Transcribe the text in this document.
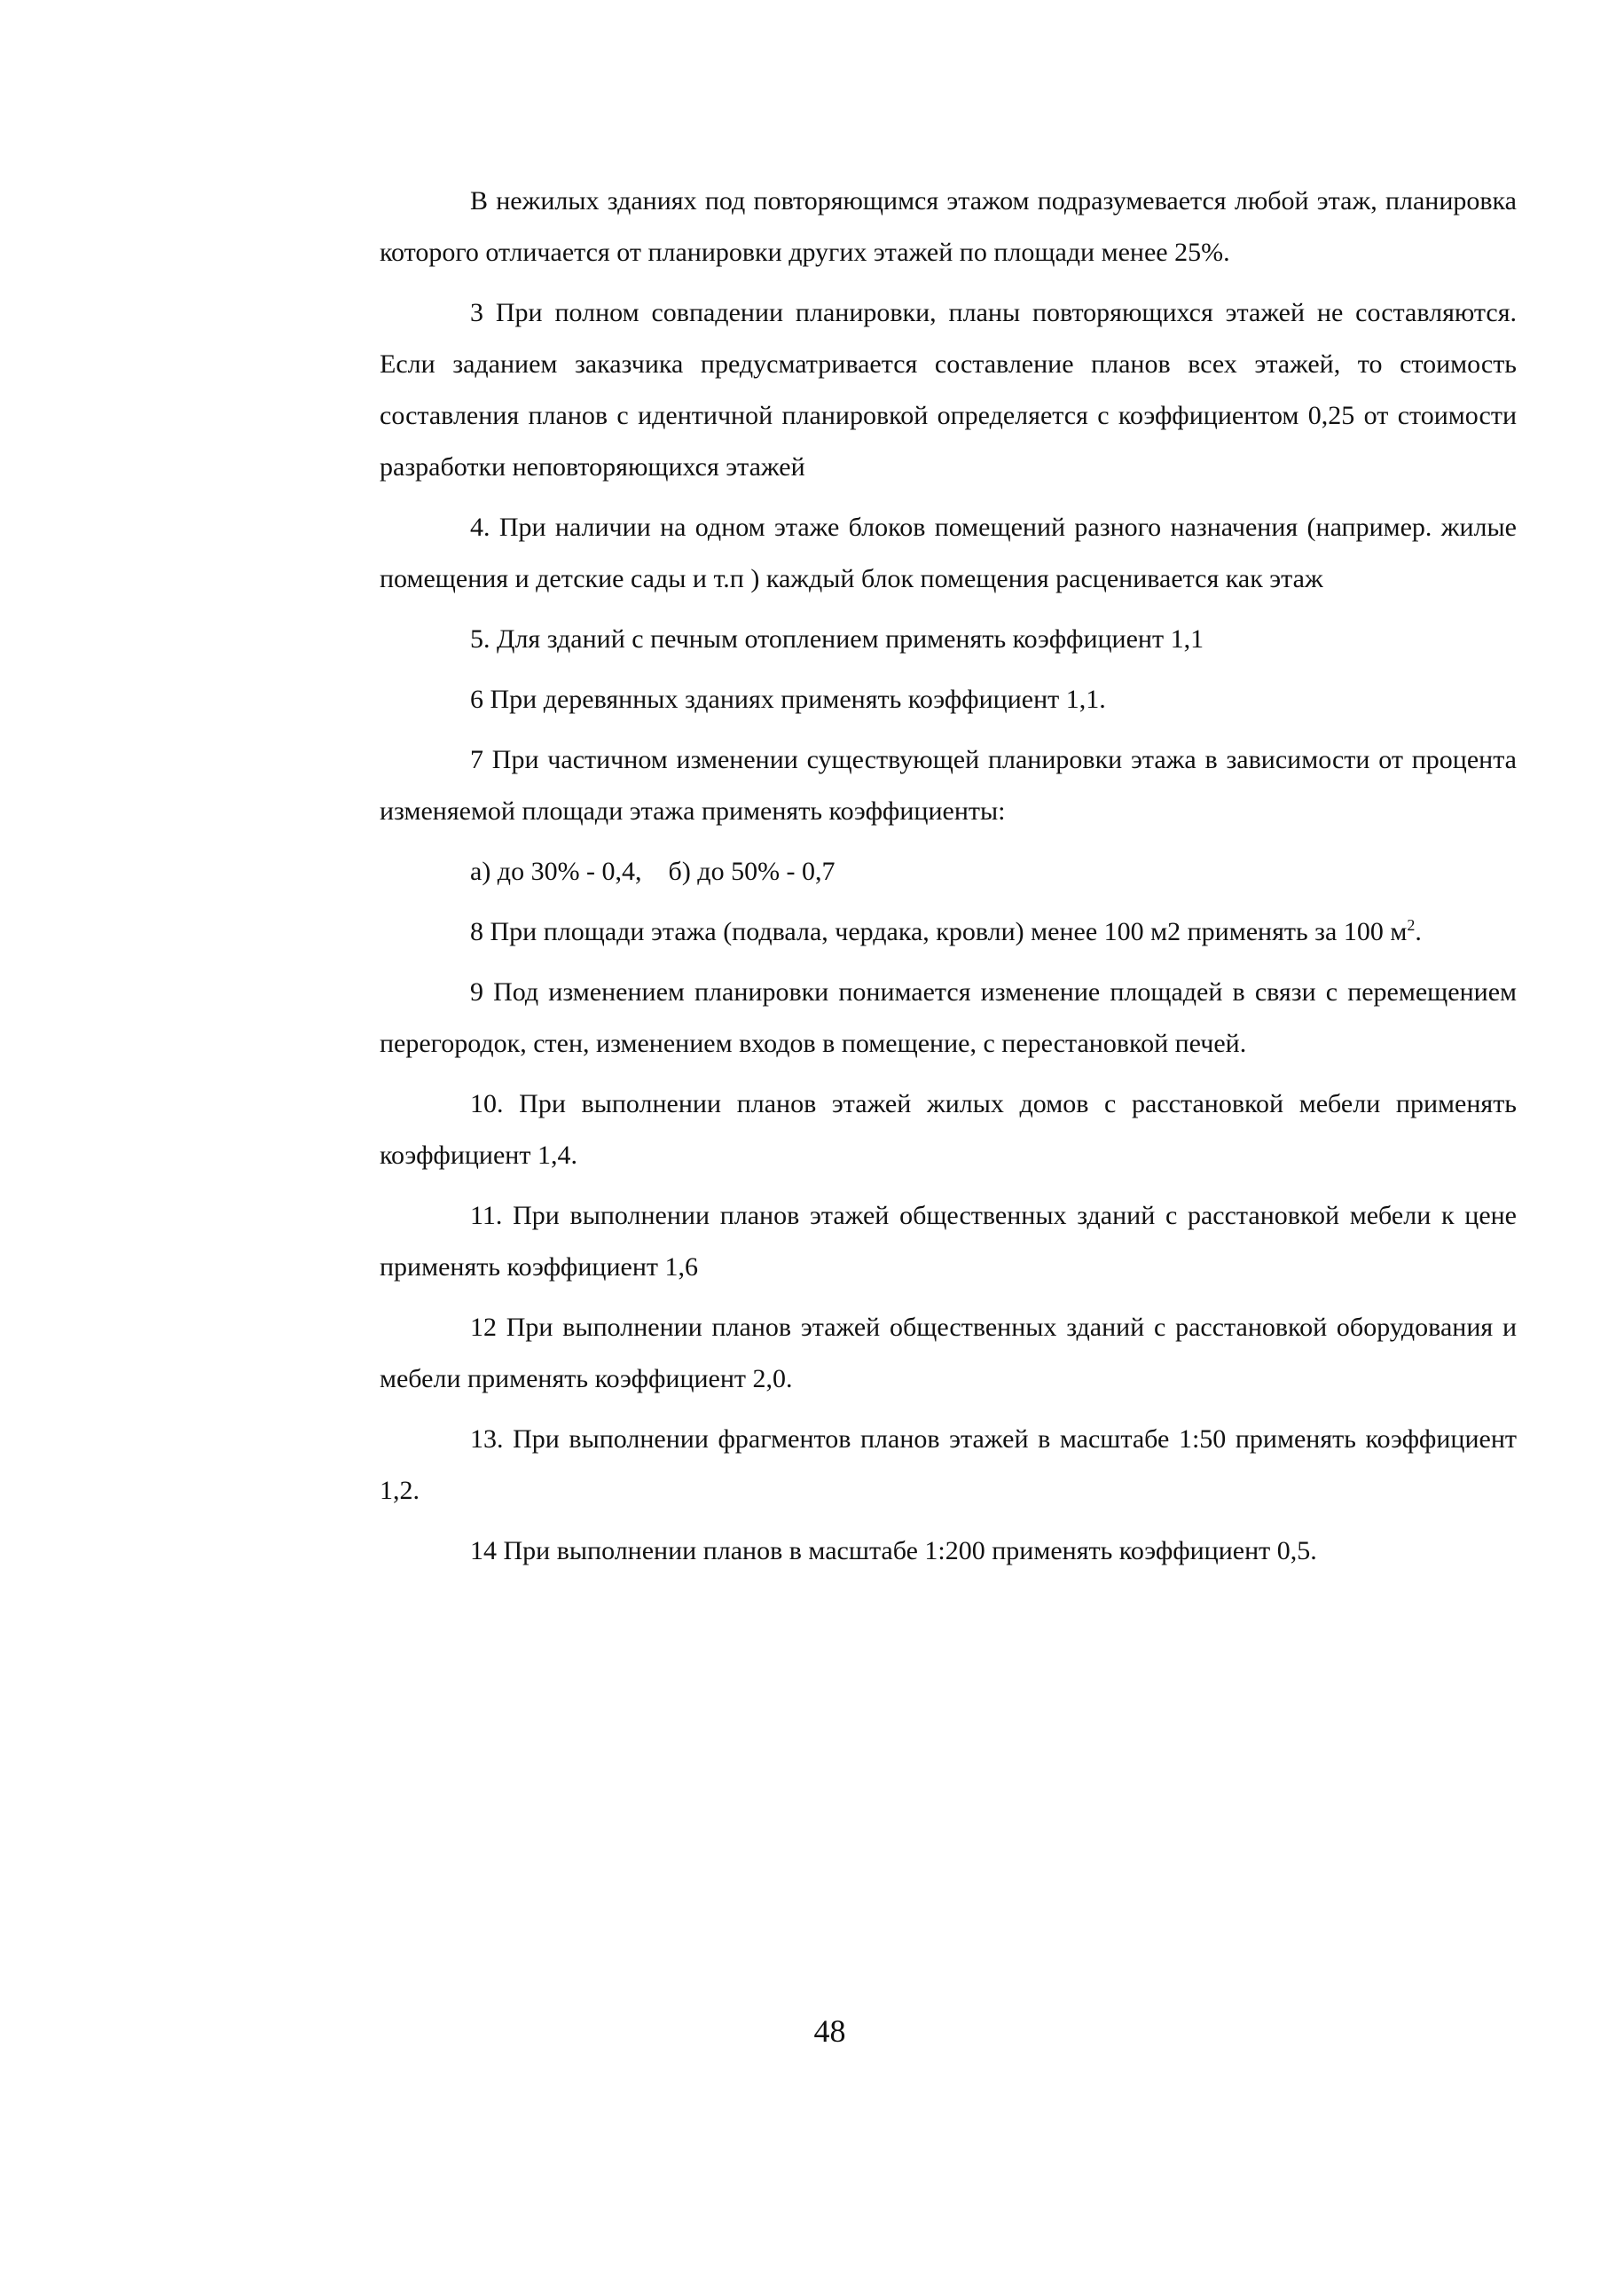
В нежилых зданиях под повторяющимся этажом подразумевается любой этаж, планировка которого отличается от планировки других этажей по площади менее 25%.

3 При полном совпадении планировки, планы повторяющихся этажей не составляются. Если заданием заказчика предусматривается составление планов всех этажей, то стоимость составления планов с идентичной планировкой определяется с коэффициентом 0,25 от стоимости разработки неповторяющихся этажей

4. При наличии на одном этаже блоков помещений разного назначения (например. жилые помещения и детские сады и т.п ) каждый блок помещения расценивается как этаж

5. Для зданий с печным отоплением применять коэффициент 1,1

6 При деревянных зданиях применять коэффициент 1,1.

7 При частичном изменении существующей планировки этажа в зависимости от процента изменяемой площади этажа применять коэффициенты:

а) до 30% - 0,4,    б) до 50% - 0,7

8 При площади этажа (подвала, чердака, кровли) менее 100 м2 применять за 100 $м^2$.

9 Под изменением планировки понимается изменение площадей в связи с перемещением перегородок, стен, изменением входов в помещение, с перестановкой печей.

10. При выполнении планов этажей жилых домов с расстановкой мебели применять коэффициент 1,4.

11. При выполнении планов этажей общественных зданий с расстановкой мебели к цене применять коэффициент 1,6

12 При выполнении планов этажей общественных зданий с расстановкой оборудования и мебели применять коэффициент 2,0.

13. При выполнении фрагментов планов этажей в масштабе 1:50 применять коэффициент 1,2.

14 При выполнении планов в масштабе 1:200 применять коэффициент 0,5.

48
